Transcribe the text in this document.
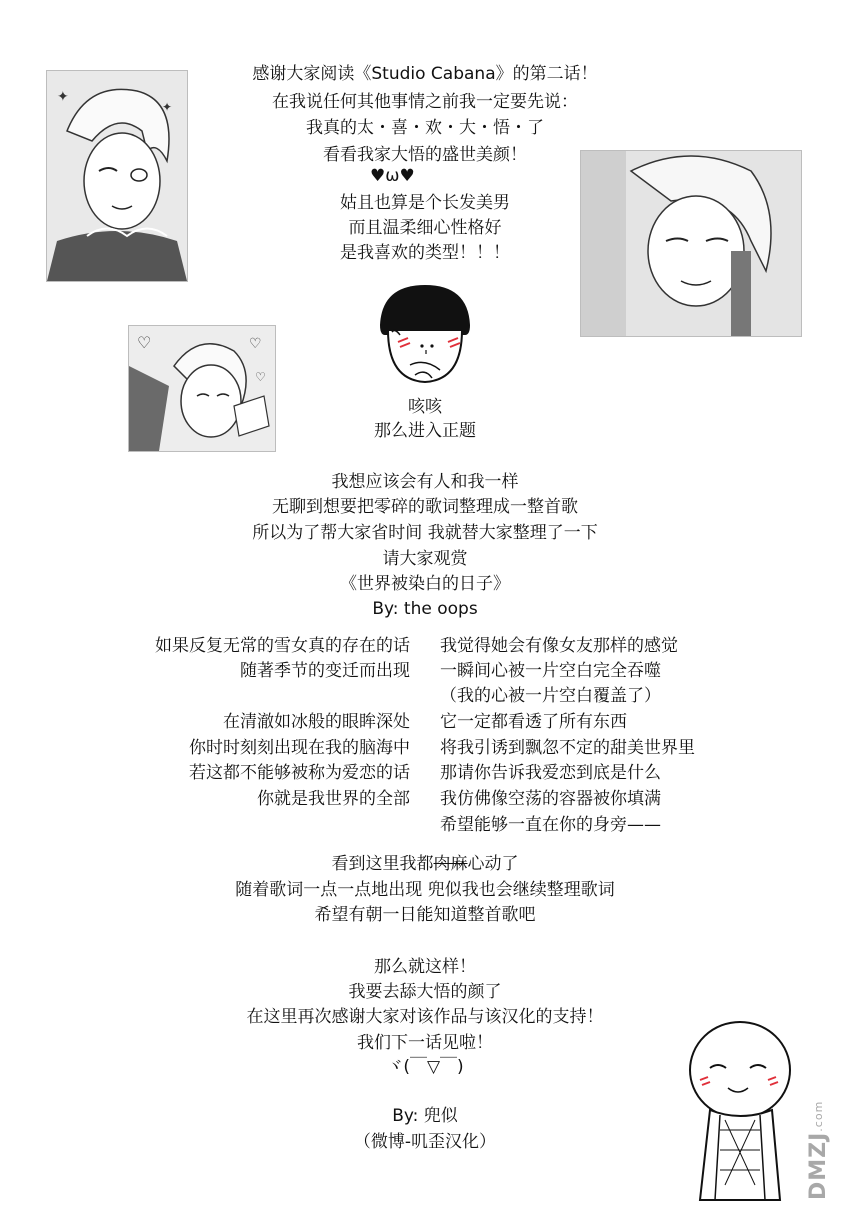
✦
✦
♡	♡
♡
感谢大家阅读《Studio Cabana》的第二话！
在我说任何其他事情之前我一定要先说：
我真的太・喜・欢・大・悟・了
看看我家大悟的盛世美颜！
♥ω♥
姑且也算是个长发美男
而且温柔细心性格好
是我喜欢的类型！！！
咳咳
那么进入正题
我想应该会有人和我一样
无聊到想要把零碎的歌词整理成一整首歌
所以为了帮大家省时间 我就替大家整理了一下
请大家观赏
《世界被染白的日子》
By: the oops
如果反复无常的雪女真的存在的话
随著季节的变迁而出现
在清澈如冰般的眼眸深处
你时时刻刻出现在我的脑海中
若这都不能够被称为爱恋的话
你就是我世界的全部
我觉得她会有像女友那样的感觉
一瞬间心被一片空白完全吞噬
（我的心被一片空白覆盖了）
它一定都看透了所有东西
将我引诱到飘忽不定的甜美世界里
那请你告诉我爱恋到底是什么
我仿佛像空荡的容器被你填满
希望能够一直在你的身旁——
看到这里我都肉麻心动了
随着歌词一点一点地出现 兜似我也会继续整理歌词
希望有朝一日能知道整首歌吧
那么就这样！
我要去舔大悟的颜了
在这里再次感谢大家对该作品与该汉化的支持！
我们下一话见啦！
ヾ(￣▽￣)
By: 兜似
（微博-叽歪汉化）	DMZJ.com
